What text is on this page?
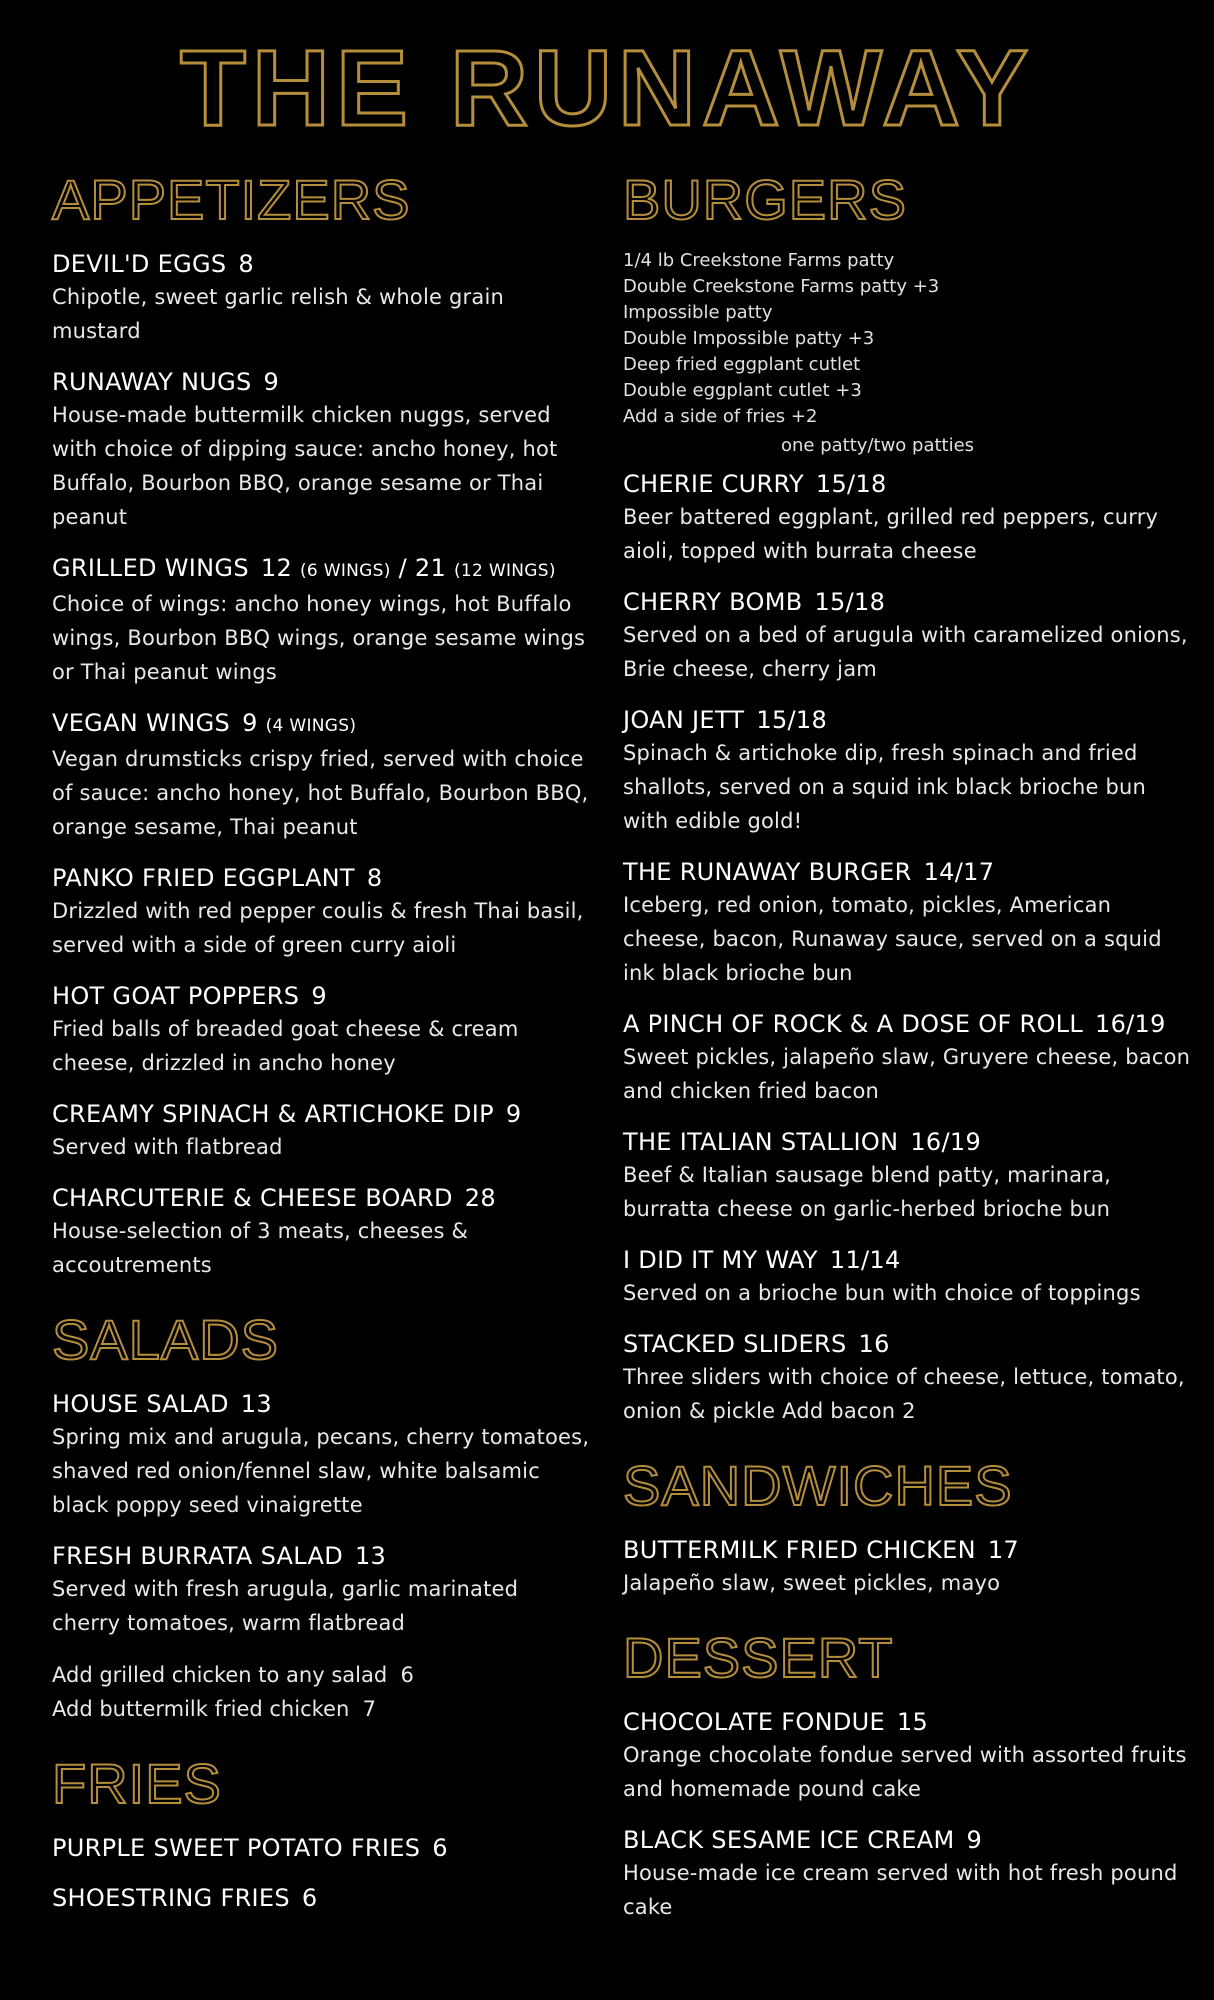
THE RUNAWAY
APPETIZERS
DEVIL'D EGGS 8
Chipotle, sweet garlic relish & whole grain mustard
RUNAWAY NUGS 9
House-made buttermilk chicken nuggs, served with choice of dipping sauce: ancho honey, hot Buffalo, Bourbon BBQ, orange sesame or Thai peanut
GRILLED WINGS 12 (6 WINGS) / 21 (12 WINGS)
Choice of wings: ancho honey wings, hot Buffalo wings, Bourbon BBQ wings, orange sesame wings or Thai peanut wings
VEGAN WINGS 9 (4 WINGS)
Vegan drumsticks crispy fried, served with choice of sauce: ancho honey, hot Buffalo, Bourbon BBQ, orange sesame, Thai peanut
PANKO FRIED EGGPLANT 8
Drizzled with red pepper coulis & fresh Thai basil, served with a side of green curry aioli
HOT GOAT POPPERS 9
Fried balls of breaded goat cheese & cream cheese, drizzled in ancho honey
CREAMY SPINACH & ARTICHOKE DIP 9
Served with flatbread
CHARCUTERIE & CHEESE BOARD 28
House-selection of 3 meats, cheeses & accoutrements
SALADS
HOUSE SALAD 13
Spring mix and arugula, pecans, cherry tomatoes, shaved red onion/fennel slaw, white balsamic black poppy seed vinaigrette
FRESH BURRATA SALAD 13
Served with fresh arugula, garlic marinated cherry tomatoes, warm flatbread
Add grilled chicken to any salad 6
Add buttermilk fried chicken 7
FRIES
PURPLE SWEET POTATO FRIES 6
SHOESTRING FRIES 6
BURGERS
1/4 lb Creekstone Farms patty
Double Creekstone Farms patty +3
Impossible patty
Double Impossible patty +3
Deep fried eggplant cutlet
Double eggplant cutlet +3
Add a side of fries +2
one patty/two patties
CHERIE CURRY 15/18
Beer battered eggplant, grilled red peppers, curry aioli, topped with burrata cheese
CHERRY BOMB 15/18
Served on a bed of arugula with caramelized onions, Brie cheese, cherry jam
JOAN JETT 15/18
Spinach & artichoke dip, fresh spinach and fried shallots, served on a squid ink black brioche bun with edible gold!
THE RUNAWAY BURGER 14/17
Iceberg, red onion, tomato, pickles, American cheese, bacon, Runaway sauce, served on a squid ink black brioche bun
A PINCH OF ROCK & A DOSE OF ROLL 16/19
Sweet pickles, jalapeño slaw, Gruyere cheese, bacon and chicken fried bacon
THE ITALIAN STALLION 16/19
Beef & Italian sausage blend patty, marinara, burratta cheese on garlic-herbed brioche bun
I DID IT MY WAY 11/14
Served on a brioche bun with choice of toppings
STACKED SLIDERS 16
Three sliders with choice of cheese, lettuce, tomato, onion & pickle Add bacon 2
SANDWICHES
BUTTERMILK FRIED CHICKEN 17
Jalapeño slaw, sweet pickles, mayo
DESSERT
CHOCOLATE FONDUE 15
Orange chocolate fondue served with assorted fruits and homemade pound cake
BLACK SESAME ICE CREAM 9
House-made ice cream served with hot fresh pound cake
